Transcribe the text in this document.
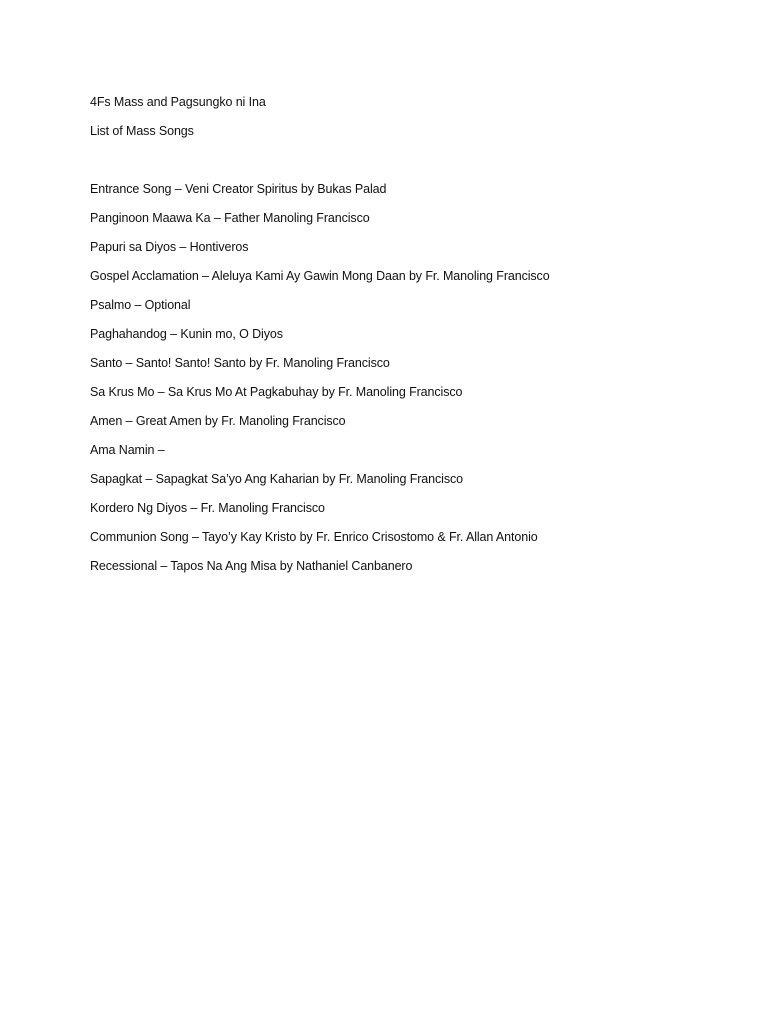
4Fs Mass and Pagsungko ni Ina
List of Mass Songs
Entrance Song – Veni Creator Spiritus by Bukas Palad
Panginoon Maawa Ka – Father Manoling Francisco
Papuri sa Diyos – Hontiveros
Gospel Acclamation – Aleluya Kami Ay Gawin Mong Daan by Fr. Manoling Francisco
Psalmo – Optional
Paghahandog – Kunin mo, O Diyos
Santo – Santo! Santo! Santo by Fr. Manoling Francisco
Sa Krus Mo – Sa Krus Mo At Pagkabuhay by Fr. Manoling Francisco
Amen – Great Amen by Fr. Manoling Francisco
Ama Namin –
Sapagkat – Sapagkat Sa’yo Ang Kaharian by Fr. Manoling Francisco
Kordero Ng Diyos – Fr. Manoling Francisco
Communion Song – Tayo’y Kay Kristo by Fr. Enrico Crisostomo & Fr. Allan Antonio
Recessional – Tapos Na Ang Misa by Nathaniel Canbanero
